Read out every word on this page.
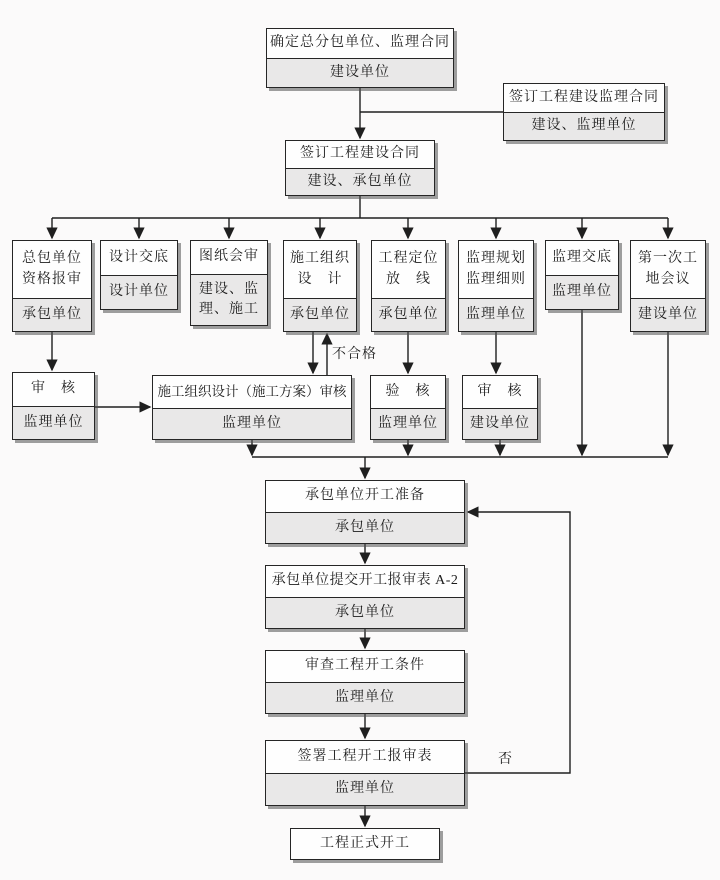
确定总分包单位、监理合同
建设单位
签订工程建设监理合同
建设、监理单位
签订工程建设合同
建设、承包单位
总包单位
资格报审
承包单位
设计交底
设计单位
图纸会审
建设、监
理、施工
施工组织
设　计
承包单位
工程定位
放　线
承包单位
监理规划
监理细则
监理单位
监理交底
监理单位
第一次工
地会议
建设单位
审　核
监理单位
施工组织设计（施工方案）审核
监理单位
验　核
监理单位
审　核
建设单位
承包单位开工准备
承包单位
承包单位提交开工报审表 A-2
承包单位
审查工程开工条件
监理单位
签署工程开工报审表
监理单位
工程正式开工
不合格
否
